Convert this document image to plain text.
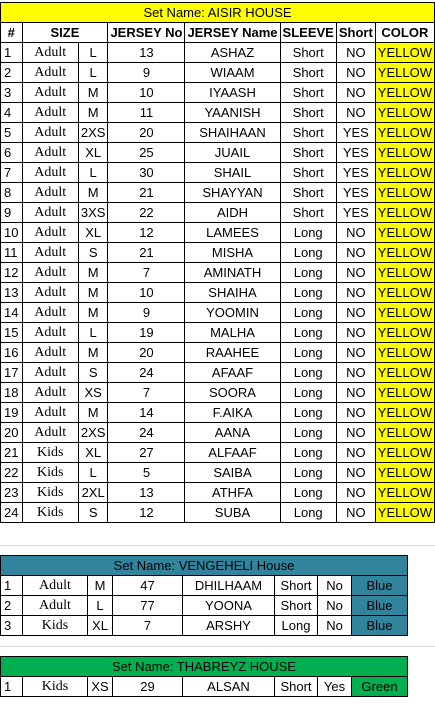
Set Name: AISIR HOUSE							
#	SIZE		JERSEY No	JERSEY Name	SLEEVE	Short	COLOR
1	Adult	L	13	ASHAZ	Short	NO	YELLOW
2	Adult	L	9	WIAAM	Short	NO	YELLOW
3	Adult	M	10	IYAASH	Short	NO	YELLOW
4	Adult	M	11	YAANISH	Short	NO	YELLOW
5	Adult	2XS	20	SHAIHAAN	Short	YES	YELLOW
6	Adult	XL	25	JUAIL	Short	YES	YELLOW
7	Adult	L	30	SHAIL	Short	YES	YELLOW
8	Adult	M	21	SHAYYAN	Short	YES	YELLOW
9	Adult	3XS	22	AIDH	Short	YES	YELLOW
10	Adult	XL	12	LAMEES	Long	NO	YELLOW
11	Adult	S	21	MISHA	Long	NO	YELLOW
12	Adult	M	7	AMINATH	Long	NO	YELLOW
13	Adult	M	10	SHAIHA	Long	NO	YELLOW
14	Adult	M	9	YOOMIN	Long	NO	YELLOW
15	Adult	L	19	MALHA	Long	NO	YELLOW
16	Adult	M	20	RAAHEE	Long	NO	YELLOW
17	Adult	S	24	AFAAF	Long	NO	YELLOW
18	Adult	XS	7	SOORA	Long	NO	YELLOW
19	Adult	M	14	F.AIKA	Long	NO	YELLOW
20	Adult	2XS	24	AANA	Long	NO	YELLOW
21	Kids	XL	27	ALFAAF	Long	NO	YELLOW
22	Kids	L	5	SAIBA	Long	NO	YELLOW
23	Kids	2XL	13	ATHFA	Long	NO	YELLOW
24	Kids	S	12	SUBA	Long	NO	YELLOW
Set Name: VENGEHELI House							
1	Adult	M	47	DHILHAAM	Short	No	Blue
2	Adult	L	77	YOONA	Short	No	Blue
3	Kids	XL	7	ARSHY	Long	No	Blue
Set Name: THABREYZ HOUSE
1	Kids	XS	29	ALSAN	Short	Yes	Green
